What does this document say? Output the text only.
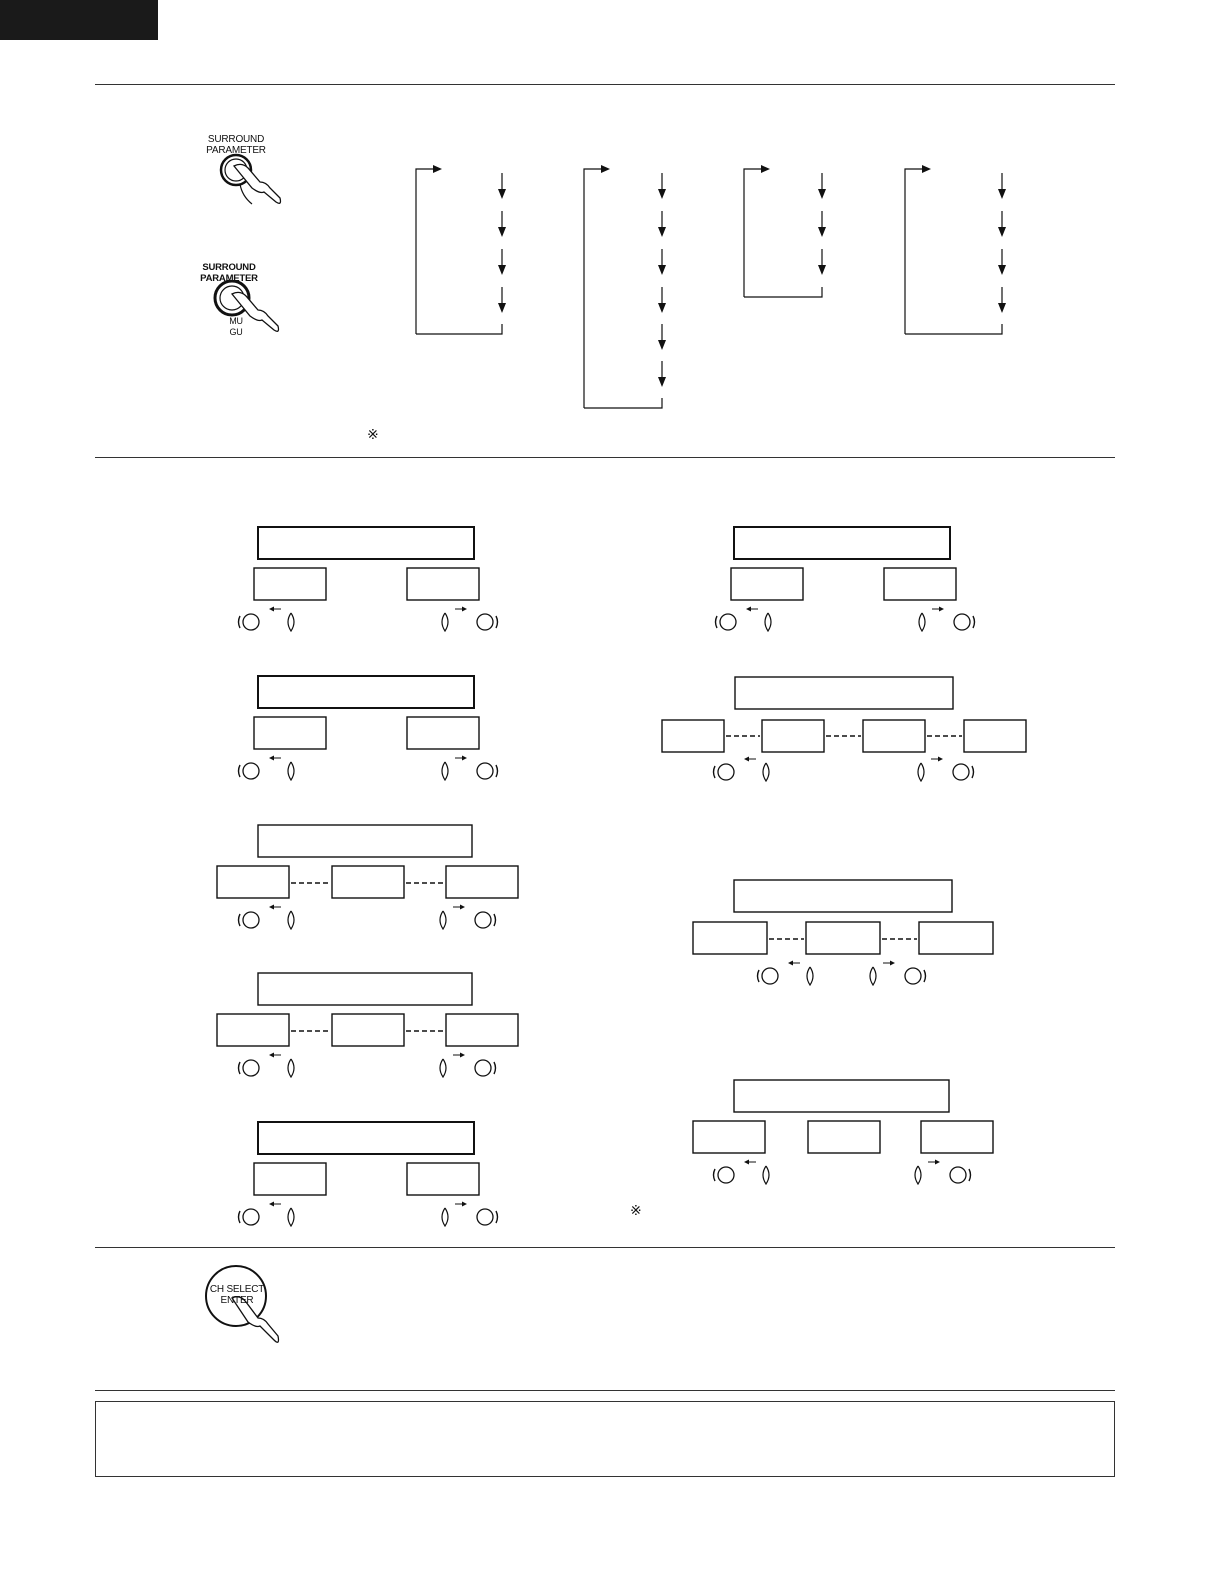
SURROUND
PARAMETER
SURROUND
PARAMETER
MU
GU
CH SELECT
ENTER
※
※
